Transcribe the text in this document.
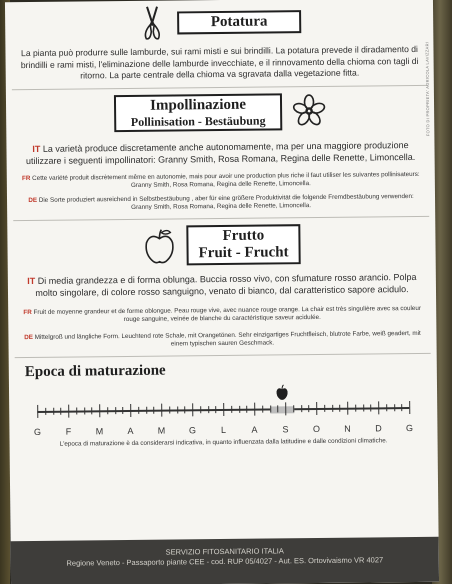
FOTO DI PROPRIETA' AGRICOLA LAVIZZARI
Potatura

La pianta può produrre sulle lamburde, sui rami misti e sui brindilli. La potatura prevede il diradamento di brindilli e rami misti, l'eliminazione delle lamburde invecchiate, e il rinnovamento della chioma con tagli di ritorno. La parte centrale della chioma va sgravata dalla vegetazione fitta.

Impollinazione
Pollinisation - Bestäubung

IT La varietà produce discretamente anche autonomamente, ma per una maggiore produzione utilizzare i seguenti impollinatori: Granny Smith, Rosa Romana, Regina delle Renette, Limoncella.

FR Cette variété produit discrètement même en autonomie, mais pour avoir une production plus riche il faut utiliser les suivantes pollinisateurs: Granny Smith, Rosa Romana, Regina delle Renette, Limoncella.

DE Die Sorte produziert ausreichend in Selbstbestäubung , aber für eine größere Produktivität die folgende Fremdbestäubung verwenden: Granny Smith, Rosa Romana, Regina delle Renette, Limoncella.

Frutto
Fruit - Frucht

IT Di media grandezza e di forma oblunga. Buccia rosso vivo, con sfumature rosso arancio. Polpa molto singolare, di colore rosso sanguigno, venato di bianco, dal caratteristico sapore acidulo.

FR Fruit de moyenne grandeur et de forme oblongue. Peau rouge vive, avec nuance rouge orange. La chair est très singulière avec sa couleur rouge sanguine, veinée de blanche du caractéristique saveur acidulée.

DE Mittelgroß und längliche Form. Leuchtend rote Schale, mit Orangetönen. Sehr einzigartiges Fruchtfleisch, blutrote Farbe, weiß geadert, mit einem typischen sauren Geschmack.

Epoca di maturazione
G	F	M	A	M	G	L	A	S	O	N	D	G

L'epoca di maturazione è da considerarsi indicativa, in quanto influenzata dalla latitudine e dalle condizioni climatiche.

SERVIZIO FITOSANITARIO ITALIA
Regione Veneto - Passaporto piante CEE - cod. RUP 05/4027 - Aut. ES. Ortovivaismo VR 4027
